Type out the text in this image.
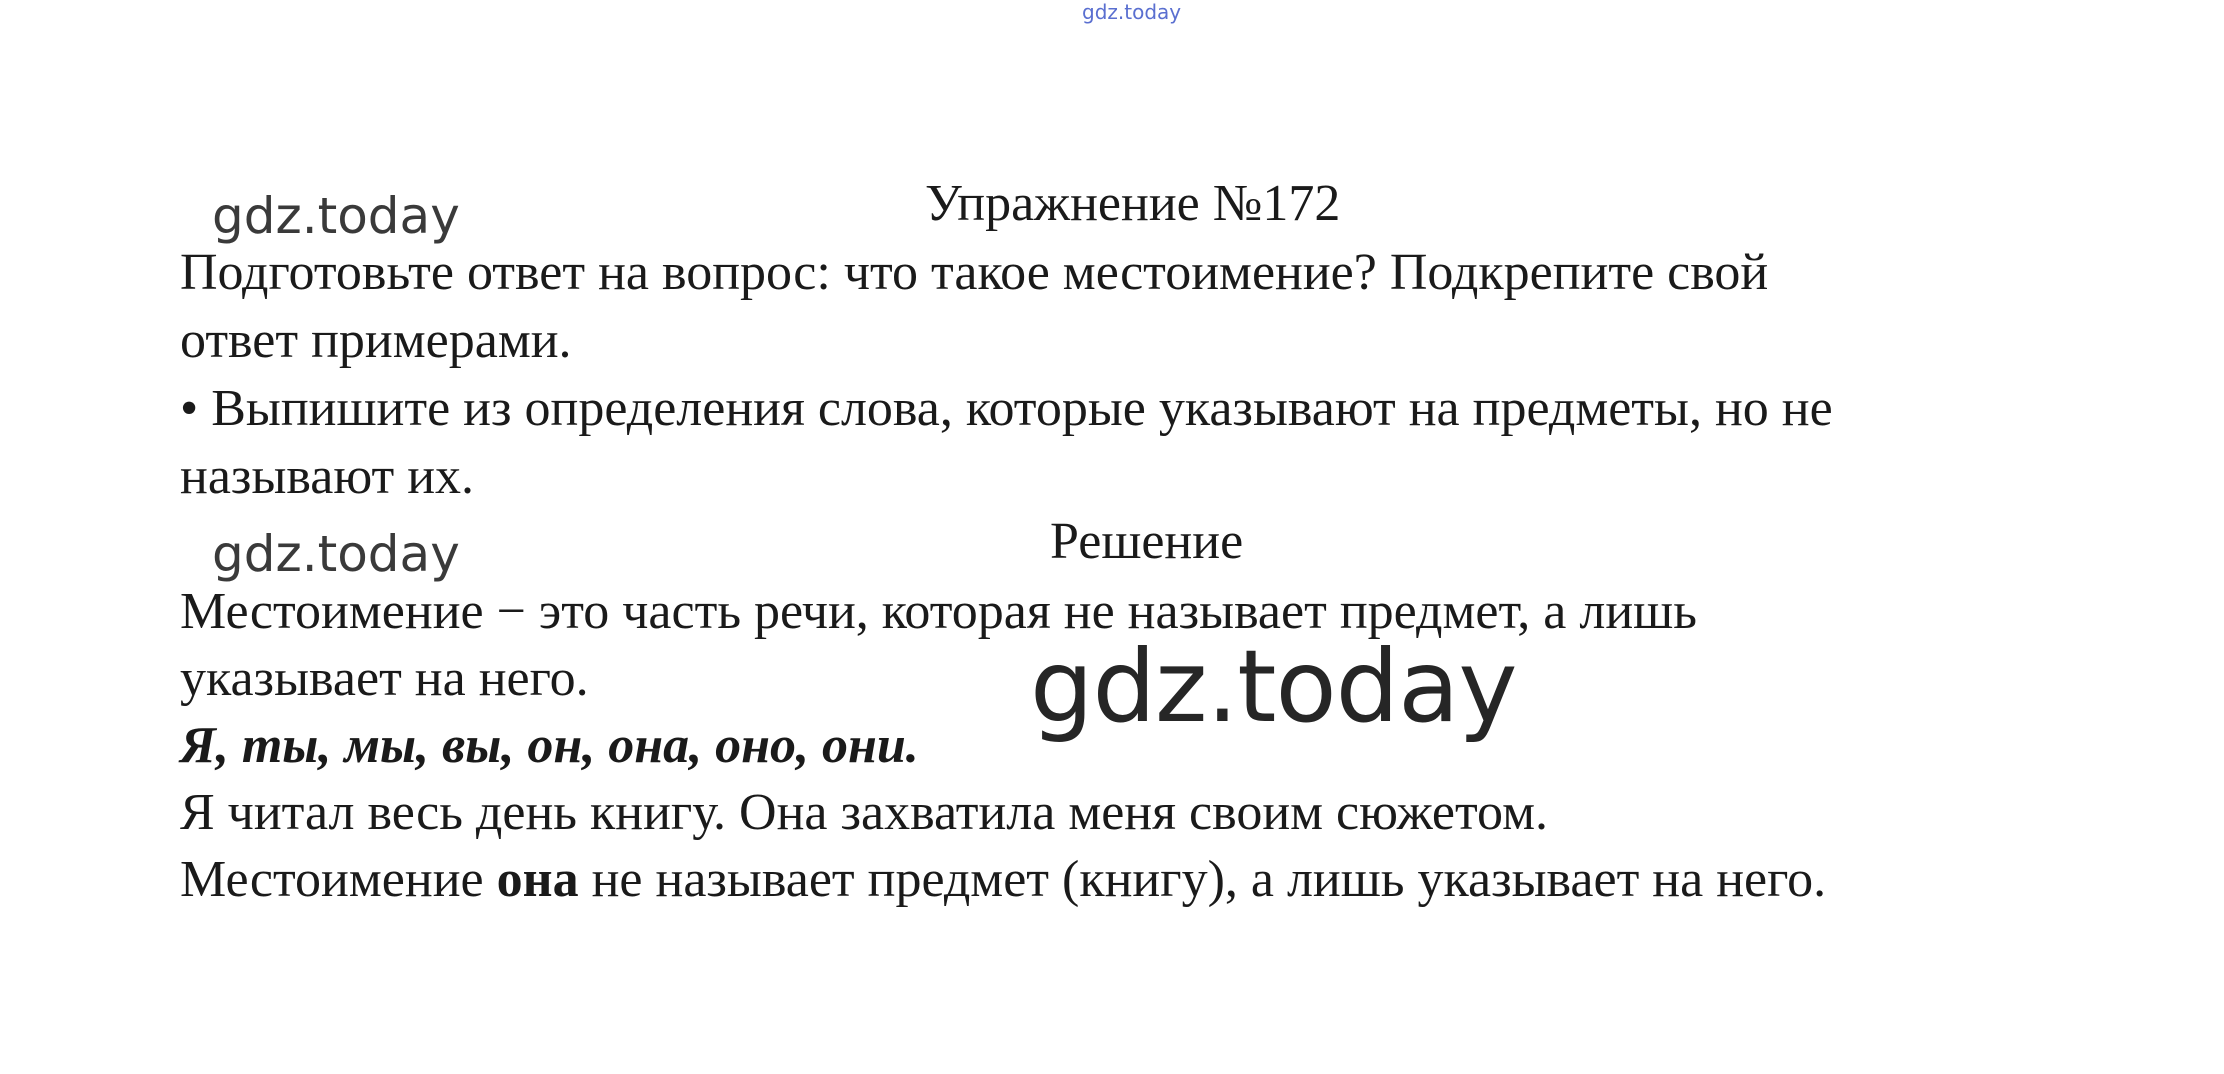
gdz.today
gdz.today	Упражнение №172
Подготовьте ответ на вопрос: что такое местоимение? Подкрепите свой
ответ примерами.
• Выпишите из определения слова, которые указывают на предметы, но не
называют их.
gdz.today	Решение
Местоимение − это часть речи, которая не называет предмет, а лишь
указывает на него.
Я, ты, мы, вы, он, она, оно, они.
gdz.today
Я читал весь день книгу. Она захватила меня своим сюжетом.
Местоимение она не называет предмет (книгу), а лишь указывает на него.
